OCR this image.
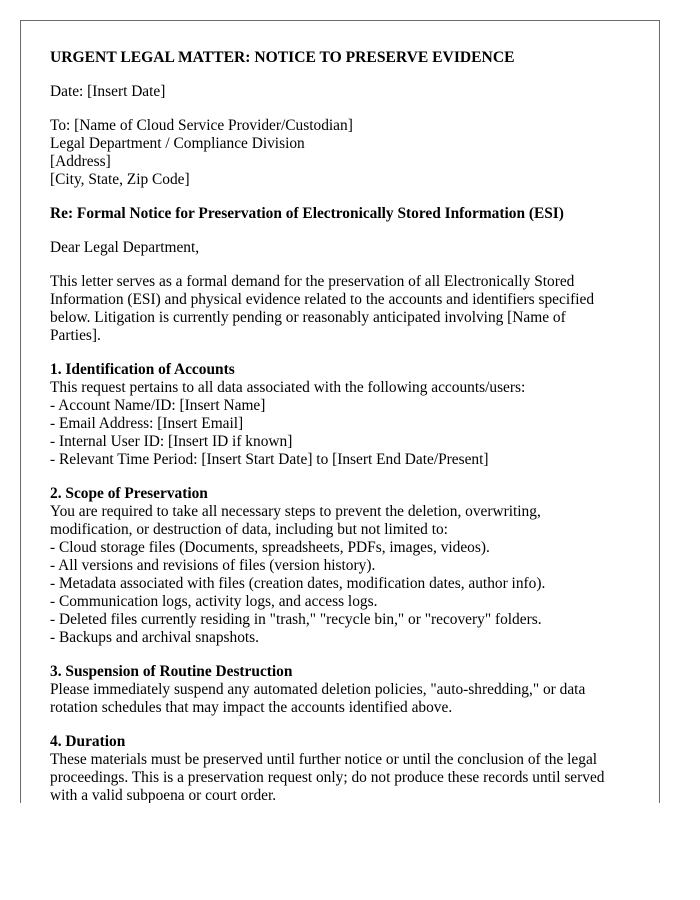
URGENT LEGAL MATTER: NOTICE TO PRESERVE EVIDENCE
Date: [Insert Date]
To: [Name of Cloud Service Provider/Custodian]
Legal Department / Compliance Division
[Address]
[City, State, Zip Code]
Re: Formal Notice for Preservation of Electronically Stored Information (ESI)
Dear Legal Department,
This letter serves as a formal demand for the preservation of all Electronically Stored
Information (ESI) and physical evidence related to the accounts and identifiers specified
below. Litigation is currently pending or reasonably anticipated involving [Name of
Parties].
1. Identification of Accounts
This request pertains to all data associated with the following accounts/users:
- Account Name/ID: [Insert Name]
- Email Address: [Insert Email]
- Internal User ID: [Insert ID if known]
- Relevant Time Period: [Insert Start Date] to [Insert End Date/Present]
2. Scope of Preservation
You are required to take all necessary steps to prevent the deletion, overwriting,
modification, or destruction of data, including but not limited to:
- Cloud storage files (Documents, spreadsheets, PDFs, images, videos).
- All versions and revisions of files (version history).
- Metadata associated with files (creation dates, modification dates, author info).
- Communication logs, activity logs, and access logs.
- Deleted files currently residing in "trash," "recycle bin," or "recovery" folders.
- Backups and archival snapshots.
3. Suspension of Routine Destruction
Please immediately suspend any automated deletion policies, "auto-shredding," or data
rotation schedules that may impact the accounts identified above.
4. Duration
These materials must be preserved until further notice or until the conclusion of the legal
proceedings. This is a preservation request only; do not produce these records until served
with a valid subpoena or court order.
